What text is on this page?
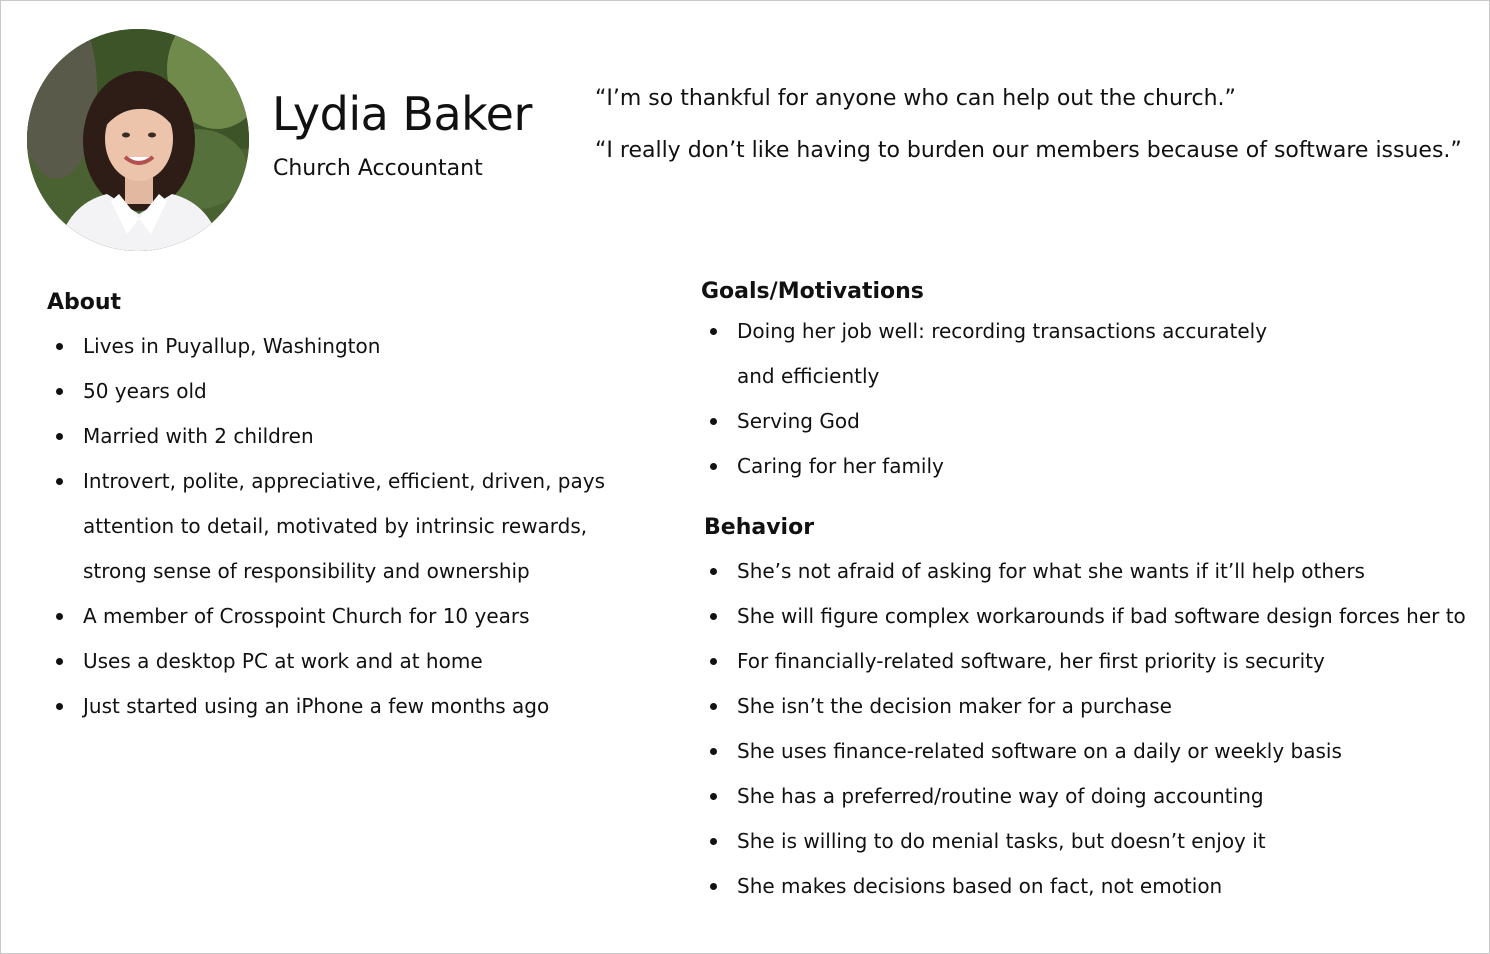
Lydia Baker
Church Accountant
“I’m so thankful for anyone who can help out the church.”
“I really don’t like having to burden our members because of software issues.”
About
Lives in Puyallup, Washington
50 years old
Married with 2 children
Introvert, polite, appreciative, efficient, driven, pays attention to detail, motivated by intrinsic rewards, strong sense of responsibility and ownership
A member of Crosspoint Church for 10 years
Uses a desktop PC at work and at home
Just started using an iPhone a few months ago
Goals/Motivations
Doing her job well: recording transactions accurately and efficiently
Serving God
Caring for her family
Behavior
She’s not afraid of asking for what she wants if it’ll help others
She will figure complex workarounds if bad software design forces her to
For financially-related software, her first priority is security
She isn’t the decision maker for a purchase
She uses finance-related software on a daily or weekly basis
She has a preferred/routine way of doing accounting
She is willing to do menial tasks, but doesn’t enjoy it
She makes decisions based on fact, not emotion
